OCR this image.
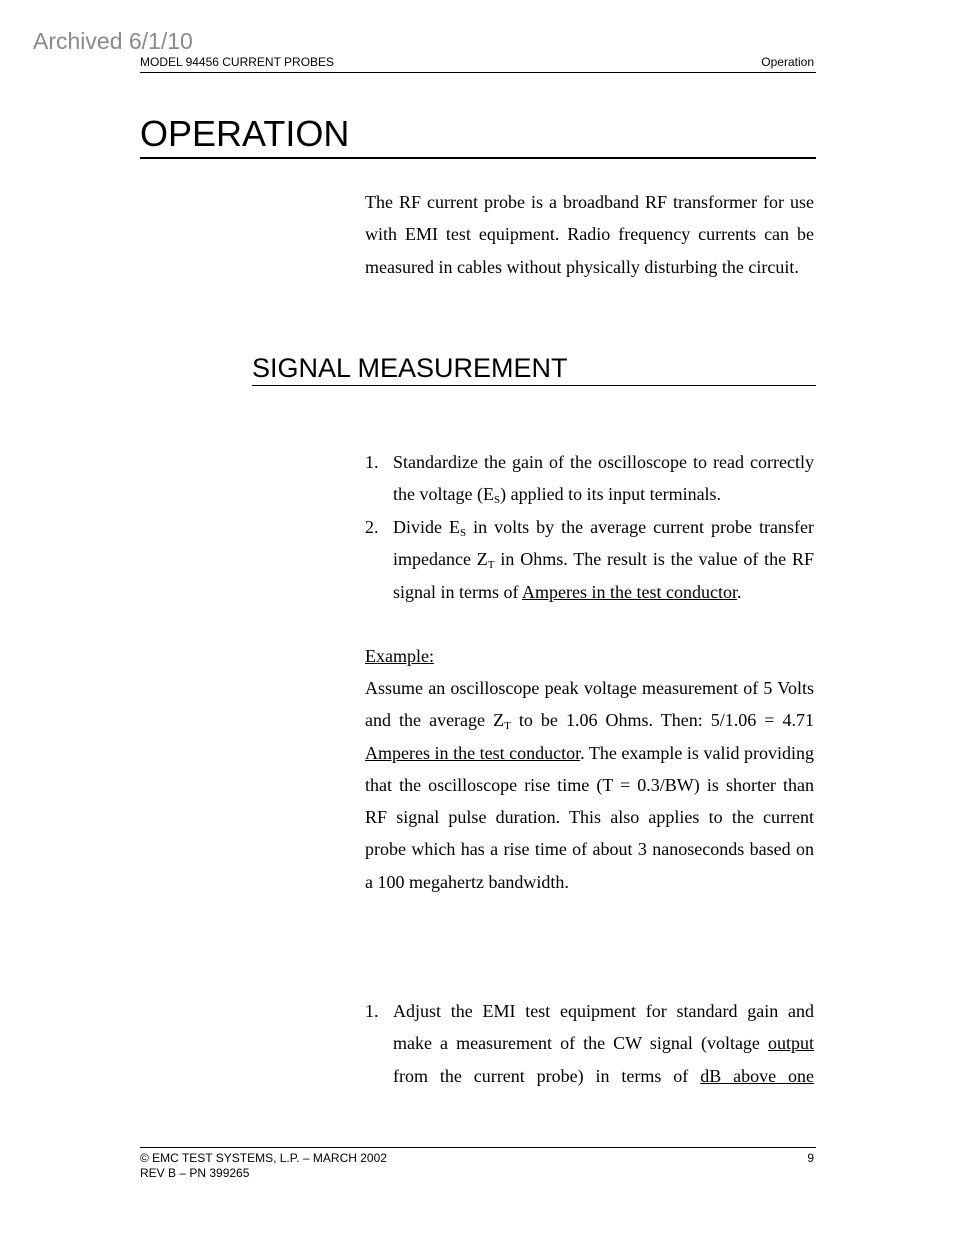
Archived 6/1/10
MODEL 94456 CURRENT PROBES	Operation
OPERATION

The RF current probe is a broadband RF transformer for use with EMI test equipment. Radio frequency currents can be measured in cables without physically disturbing the circuit.

SIGNAL MEASUREMENT
1. Standardize the gain of the oscilloscope to read correctly the voltage $(E_S)$ applied to its input terminals.
2. Divide $E_S$ in volts by the average current probe transfer impedance $Z_T$ in Ohms. The result is the value of the RF signal in terms of Amperes in the test conductor.
Example:

Assume an oscilloscope peak voltage measurement of 5 Volts and the average $Z_T$ to be 1.06 Ohms. Then: 5/1.06 = 4.71 Amperes in the test conductor. The example is valid providing that the oscilloscope rise time (T = 0.3/BW) is shorter than RF signal pulse duration. This also applies to the current probe which has a rise time of about 3 nanoseconds based on a 100 megahertz bandwidth.

1. Adjust the EMI test equipment for standard gain and make a measurement of the CW signal (voltage output from the current probe) in terms of dB above one
© EMC TEST SYSTEMS, L.P. – MARCH 2002
REV B – PN 399265
9
